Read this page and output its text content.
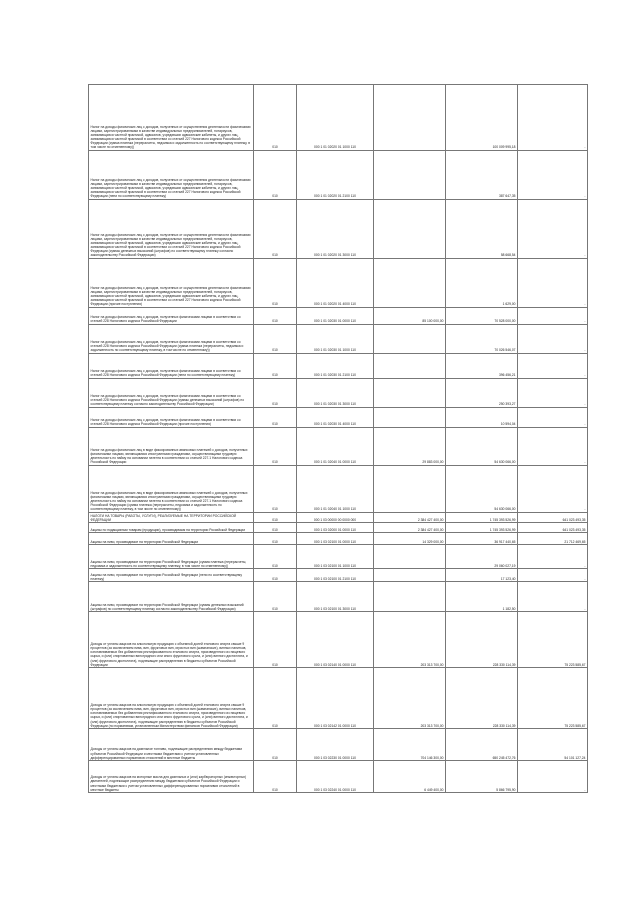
Налог на доходы физических лиц с доходов, полученных от осуществления деятельности физическими лицами, зарегистрированными в качестве индивидуальных предпринимателей, нотариусов, занимающихся частной практикой, адвокатов, учредивших адвокатские кабинеты, и других лиц, занимающихся частной практикой в соответствии со статьей 227 Налогового кодекса Российской Федерации (сумма платежа (перерасчеты, недоимка и задолженность по соответствующему платежу, в том числе по отмененному))	010	000 1 01 02020 01 1000 110		100 009 995,18	-
Налог на доходы физических лиц с доходов, полученных от осуществления деятельности физическими лицами, зарегистрированными в качестве индивидуальных предпринимателей, нотариусов, занимающихся частной практикой, адвокатов, учредивших адвокатские кабинеты, и других лиц, занимающихся частной практикой в соответствии со статьей 227 Налогового кодекса Российской Федерации (пени по соответствующему платежу)	010	000 1 01 02020 01 2100 110		387 647,35	-
Налог на доходы физических лиц с доходов, полученных от осуществления деятельности физическими лицами, зарегистрированными в качестве индивидуальных предпринимателей, нотариусов, занимающихся частной практикой, адвокатов, учредивших адвокатские кабинеты, и других лиц, занимающихся частной практикой в соответствии со статьей 227 Налогового кодекса Российской Федерации (суммы денежных взысканий (штрафов) по соответствующему платежу согласно законодательству Российской Федерации)	010	000 1 01 02020 01 3000 110		58 668,54	-
Налог на доходы физических лиц с доходов, полученных от осуществления деятельности физическими лицами, зарегистрированными в качестве индивидуальных предпринимателей, нотариусов, занимающихся частной практикой, адвокатов, учредивших адвокатские кабинеты, и других лиц, занимающихся частной практикой в соответствии со статьей 227 Налогового кодекса Российской Федерации (прочие поступления)	010	000 1 01 02020 01 4000 110		1 629,00	-
Налог на доходы физических лиц с доходов, полученных физическими лицами в соответствии со статьей 228 Налогового кодекса Российской Федерации	010	000 1 01 02030 01 0000 110	85 100 000,00	70 528 000,00	-
Налог на доходы физических лиц с доходов, полученных физическими лицами в соответствии со статьей 228 Налогового кодекса Российской Федерации (сумма платежа (перерасчеты, недоимка и задолженность по соответствующему платежу, в том числе по отмененному))	010	000 1 01 02030 01 1000 110		70 026 546,07	-
Налог на доходы физических лиц с доходов, полученных физическими лицами в соответствии со статьей 228 Налогового кодекса Российской Федерации (пени по соответствующему платежу)	010	000 1 01 02030 01 2100 110		396 456,21	-
Налог на доходы физических лиц с доходов, полученных физическими лицами в соответствии со статьей 228 Налогового кодекса Российской Федерации (суммы денежных взысканий (штрафов) по соответствующему платежу согласно законодательству Российской Федерации)	010	000 1 01 02030 01 3000 110		250 393,27	-
Налог на доходы физических лиц с доходов, полученных физическими лицами в соответствии со статьей 228 Налогового кодекса Российской Федерации (прочие поступления)	010	000 1 01 02030 01 4000 110		10 594,04	-
Налог на доходы физических лиц в виде фиксированных авансовых платежей с доходов, полученных физическими лицами, являющимися иностранными гражданами, осуществляющими трудовую деятельность по найму на основании патента в соответствии со статьей 227.1 Налогового кодекса Российской Федерации	010	000 1 01 02040 01 0000 110	29 883 000,00	54 630 066,00	-
Налог на доходы физических лиц в виде фиксированных авансовых платежей с доходов, полученных физическими лицами, являющимися иностранными гражданами, осуществляющими трудовую деятельность по найму на основании патента в соответствии со статьей 227.1 Налогового кодекса Российской Федерации (сумма платежа (перерасчеты, недоимка и задолженность по соответствующему платежу, в том числе по отмененному))	010	000 1 01 02040 01 1000 110		54 630 066,00	-
НАЛОГИ НА ТОВАРЫ (РАБОТЫ, УСЛУГИ), РЕАЛИЗУЕМЫЕ НА ТЕРРИТОРИИ РОССИЙСКОЙ ФЕДЕРАЦИИ	010	000 1 03 00000 00 0000 000	2 384 427 400,00	1 745 393 526,99	641 023 493,35
Акцизы по подакцизным товарам (продукции), производимым на территории Российской Федерации	010	000 1 03 02000 01 0000 110	2 384 427 400,00	1 745 393 526,99	641 023 493,35
Акцизы на пиво, производимое на территории Российской Федерации	010	000 1 03 02100 01 0000 110	14 329 000,00	36 917 440,65	21 712 469,65
Акцизы на пиво, производимое на территории Российской Федерации (сумма платежа (перерасчеты, недоимка и задолженность по соответствующему платежу, в том числе по отмененному))	010	000 1 03 02100 01 1000 110		29 060 027,19	-
Акцизы на пиво, производимое на территории Российской Федерации (пени по соответствующему платежу)	010	000 1 03 02100 01 2100 110		17 123,40	-
Акцизы на пиво, производимое на территории Российской Федерации (суммы денежных взысканий (штрафов) по соответствующему платежу согласно законодательству Российской Федерации)	010	000 1 03 02100 01 3000 110		1 182,50	-
Доходы от уплаты акцизов на алкогольную продукцию с объемной долей этилового спирта свыше 9 процентов (за исключением пива, вин, фруктовых вин, игристых вин (шампанских), винных напитков, изготавливаемых без добавления ректификованного этилового спирта, произведенного из пищевого сырья, и (или) спиртованных виноградного или иного фруктового сусла, и (или) винного дистиллята, и (или) фруктового дистиллята), подлежащие распределению в бюджеты субъектов Российской Федерации	010	000 1 03 02140 01 0000 110	203 313 700,00	228 330 114,39	75 223 585,67
Доходы от уплаты акцизов на алкогольную продукцию с объемной долей этилового спирта свыше 9 процентов (за исключением пива, вин, фруктовых вин, игристых вин (шампанских), винных напитков, изготавливаемых без добавления ректификованного этилового спирта, произведенного из пищевого сырья, и (или) спиртованных виноградного или иного фруктового сусла, и (или) винного дистиллята, и (или) фруктового дистиллята), подлежащие распределению в бюджеты субъектов Российской Федерации (по нормативам, установленным Министерством финансов Российской Федерации)	010	000 1 03 02142 01 0000 110	203 313 700,00	228 330 114,39	75 223 585,67
Доходы от уплаты акцизов на дизельное топливо, подлежащие распределению между бюджетами субъектов Российской Федерации и местными бюджетами с учетом установленных дифференцированных нормативов отчислений в местные бюджеты	010	000 1 03 02230 01 0000 110	704 146 300,00	650 245 472,76	54 101 127,24
Доходы от уплаты акцизов на моторные масла для дизельных и (или) карбюраторных (инжекторных) двигателей, подлежащие распределению между бюджетами субъектов Российской Федерации и местными бюджетами с учетом установленных дифференцированных нормативов отчислений в местные бюджеты	010	000 1 03 02240 01 0000 110	6 449 400,00	5 866 795,90	-
